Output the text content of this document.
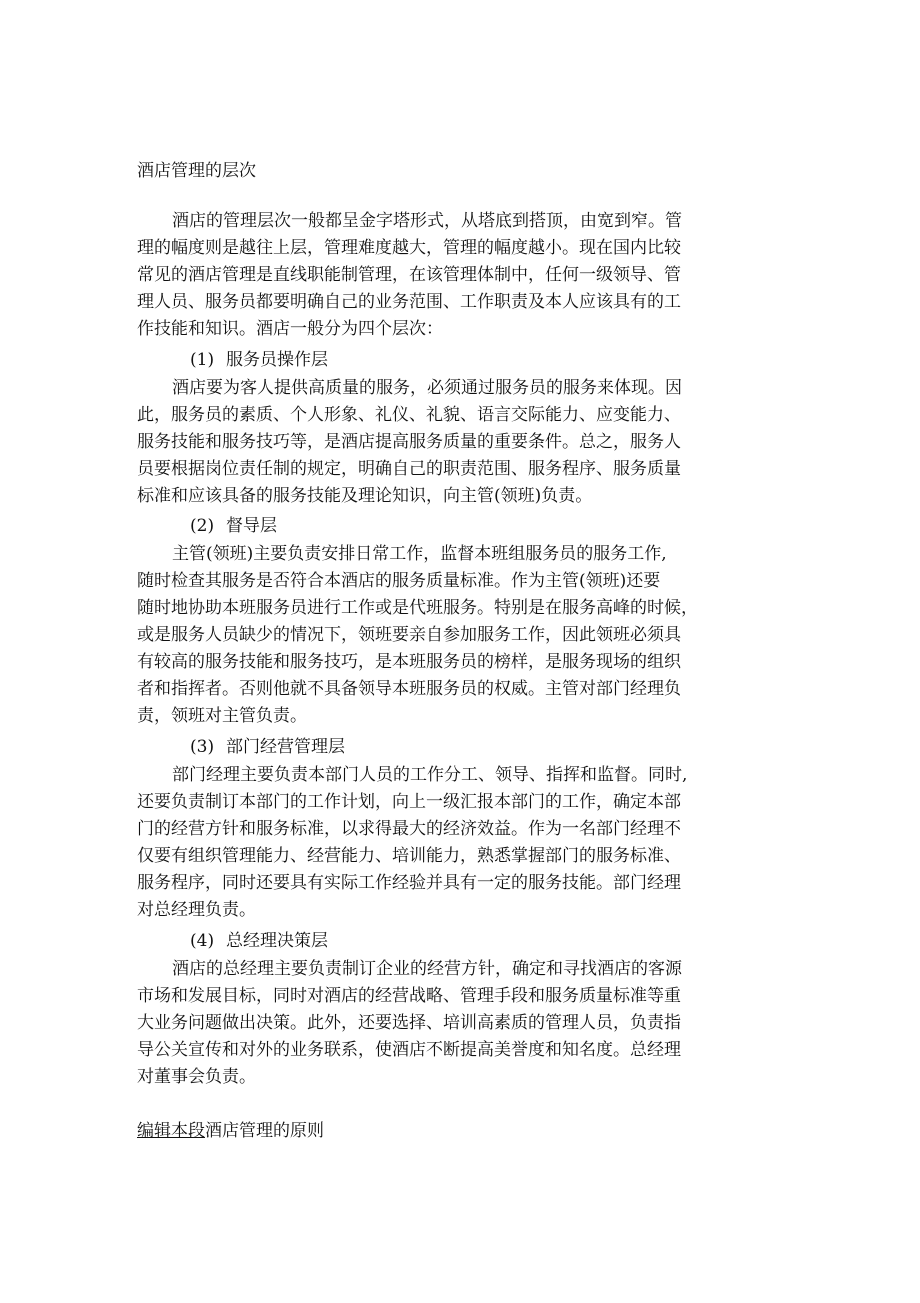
酒店管理的层次
酒店的管理层次一般都呈金字塔形式，从塔底到搭顶，由宽到窄。管
理的幅度则是越往上层，管理难度越大，管理的幅度越小。现在国内比较
常见的酒店管理是直线职能制管理，在该管理体制中，任何一级领导、管
理人员、服务员都要明确自己的业务范围、工作职责及本人应该具有的工
作技能和知识。酒店一般分为四个层次：
(1) 服务员操作层
酒店要为客人提供高质量的服务，必须通过服务员的服务来体现。因
此，服务员的素质、个人形象、礼仪、礼貌、语言交际能力、应变能力、
服务技能和服务技巧等，是酒店提高服务质量的重要条件。总之，服务人
员要根据岗位责任制的规定，明确自己的职责范围、服务程序、服务质量
标准和应该具备的服务技能及理论知识，向主管(领班)负责。
(2) 督导层
主管(领班)主要负责安排日常工作，监督本班组服务员的服务工作,
随时检查其服务是否符合本酒店的服务质量标准。作为主管(领班)还要
随时地协助本班服务员进行工作或是代班服务。特别是在服务高峰的时候，
或是服务人员缺少的情况下，领班要亲自参加服务工作，因此领班必须具
有较高的服务技能和服务技巧，是本班服务员的榜样，是服务现场的组织
者和指挥者。否则他就不具备领导本班服务员的权威。主管对部门经理负
责，领班对主管负责。
(3) 部门经营管理层
部门经理主要负责本部门人员的工作分工、领导、指挥和监督。同时,
还要负责制订本部门的工作计划，向上一级汇报本部门的工作，确定本部
门的经营方针和服务标准，以求得最大的经济效益。作为一名部门经理不
仅要有组织管理能力、经营能力、培训能力，熟悉掌握部门的服务标准、
服务程序，同时还要具有实际工作经验并具有一定的服务技能。部门经理
对总经理负责。
(4) 总经理决策层
酒店的总经理主要负责制订企业的经营方针，确定和寻找酒店的客源
市场和发展目标，同时对酒店的经营战略、管理手段和服务质量标准等重
大业务问题做出决策。此外，还要选择、培训高素质的管理人员，负责指
导公关宣传和对外的业务联系，使酒店不断提高美誉度和知名度。总经理
对董事会负责。
编辑本段酒店管理的原则
